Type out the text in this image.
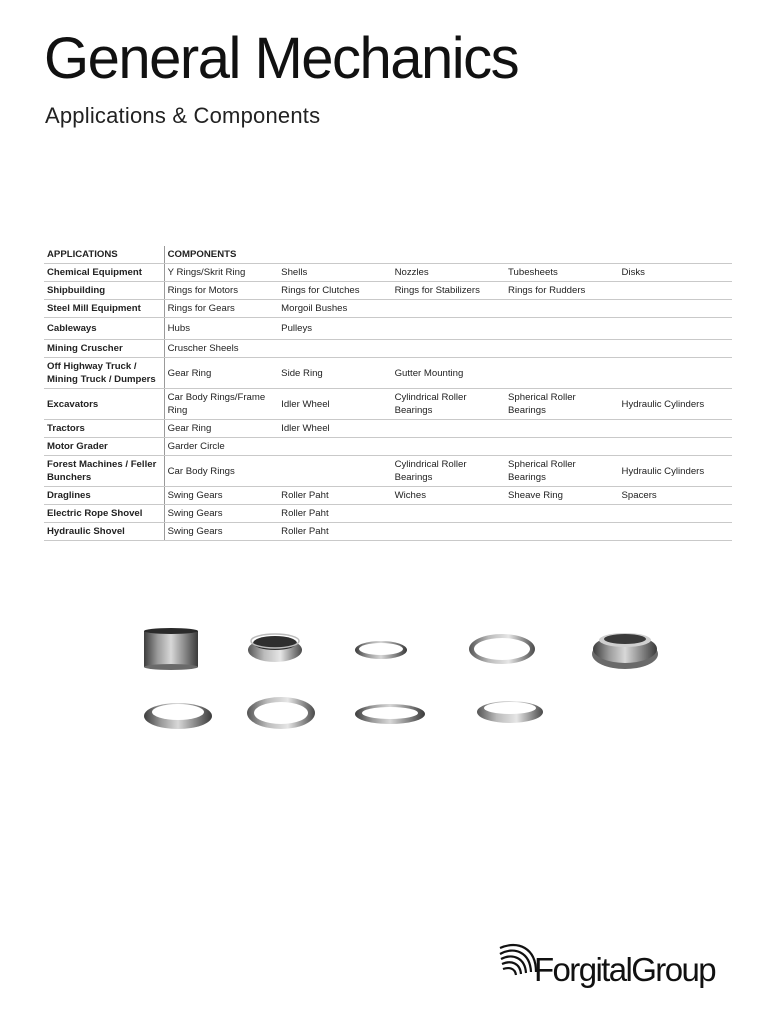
General Mechanics
Applications & Components
APPLICATIONS	COMPONENTS				
Chemical Equipment	Y Rings/Skrit Ring	Shells	Nozzles	Tubesheets	Disks
Shipbuilding	Rings for Motors	Rings for Clutches	Rings for Stabilizers	Rings for Rudders	
Steel Mill Equipment	Rings for Gears	Morgoil Bushes			
Cableways	Hubs	Pulleys			
Mining Cruscher	Cruscher Sheels				
Off Highway Truck / Mining Truck / Dumpers	Gear Ring	Side Ring	Gutter Mounting		
Excavators	Car Body Rings/Frame Ring	Idler Wheel	Cylindrical Roller Bearings	Spherical Roller Bearings	Hydraulic Cylinders
Tractors	Gear Ring	Idler Wheel			
Motor Grader	Garder Circle				
Forest Machines / Feller Bunchers	Car Body Rings		Cylindrical Roller Bearings	Spherical Roller Bearings	Hydraulic Cylinders
Draglines	Swing Gears	Roller Paht	Wiches	Sheave Ring	Spacers
Electric Rope Shovel	Swing Gears	Roller Paht			
Hydraulic Shovel	Swing Gears	Roller Paht			
ForgitalGroup
